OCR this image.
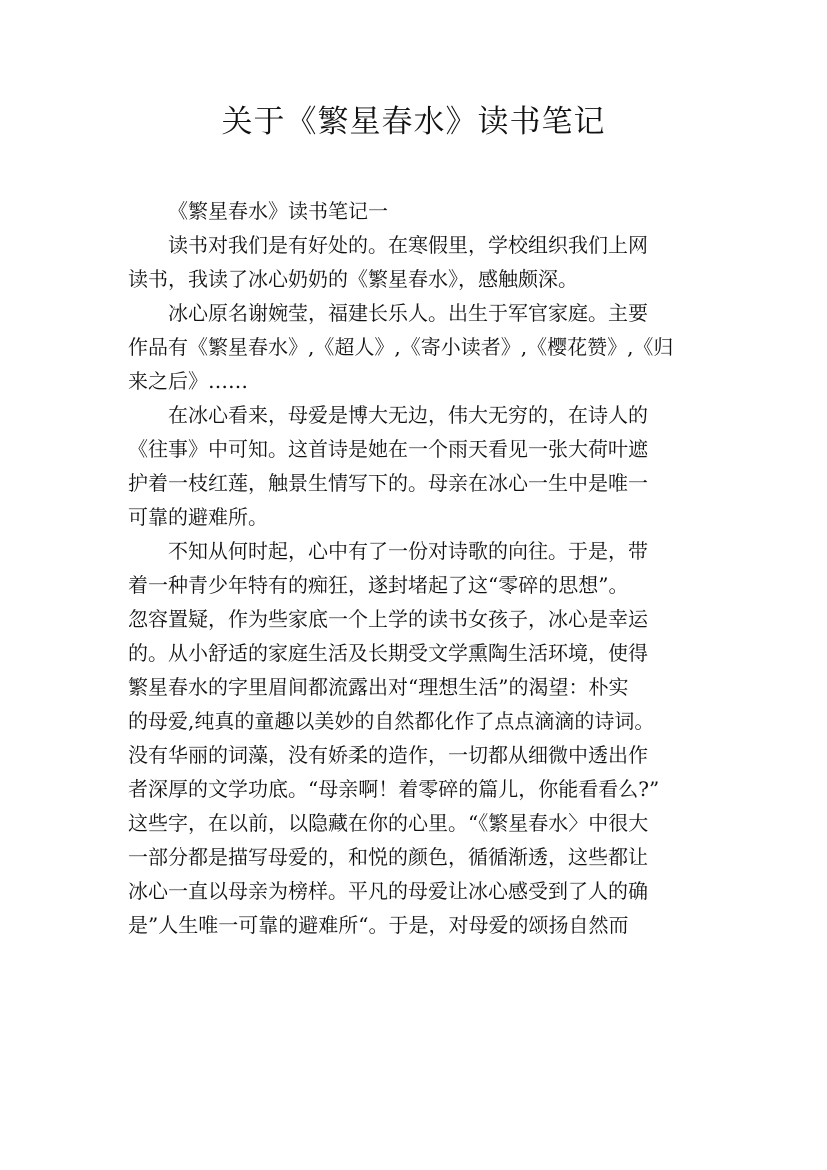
关于《繁星春水》读书笔记
《繁星春水》读书笔记一
读书对我们是有好处的。在寒假里，学校组织我们上网
读书，我读了冰心奶奶的《繁星春水》，感触颇深。
冰心原名谢婉莹，福建长乐人。出生于军官家庭。主要
作品有《繁星春水》,《超人》,《寄小读者》,《樱花赞》,《归
来之后》……
在冰心看来，母爱是博大无边，伟大无穷的，在诗人的
《往事》中可知。这首诗是她在一个雨天看见一张大荷叶遮
护着一枝红莲，触景生情写下的。母亲在冰心一生中是唯一
可靠的避难所。
不知从何时起，心中有了一份对诗歌的向往。于是，带
着一种青少年特有的痴狂，遂封堵起了这“零碎的思想”。
忽容置疑，作为些家底一个上学的读书女孩子，冰心是幸运
的。从小舒适的家庭生活及长期受文学熏陶生活环境，使得
繁星春水的字里眉间都流露出对“理想生活”的渴望：朴实
的母爱,纯真的童趣以美妙的自然都化作了点点滴滴的诗词。
没有华丽的词藻，没有娇柔的造作，一切都从细微中透出作
者深厚的文学功底。“母亲啊！着零碎的篇儿，你能看看么?”
这些字，在以前，以隐藏在你的心里。“《繁星春水〉中很大
一部分都是描写母爱的，和悦的颜色，循循渐透，这些都让
冰心一直以母亲为榜样。平凡的母爱让冰心感受到了人的确
是”人生唯一可靠的避难所“。于是，对母爱的颂扬自然而
